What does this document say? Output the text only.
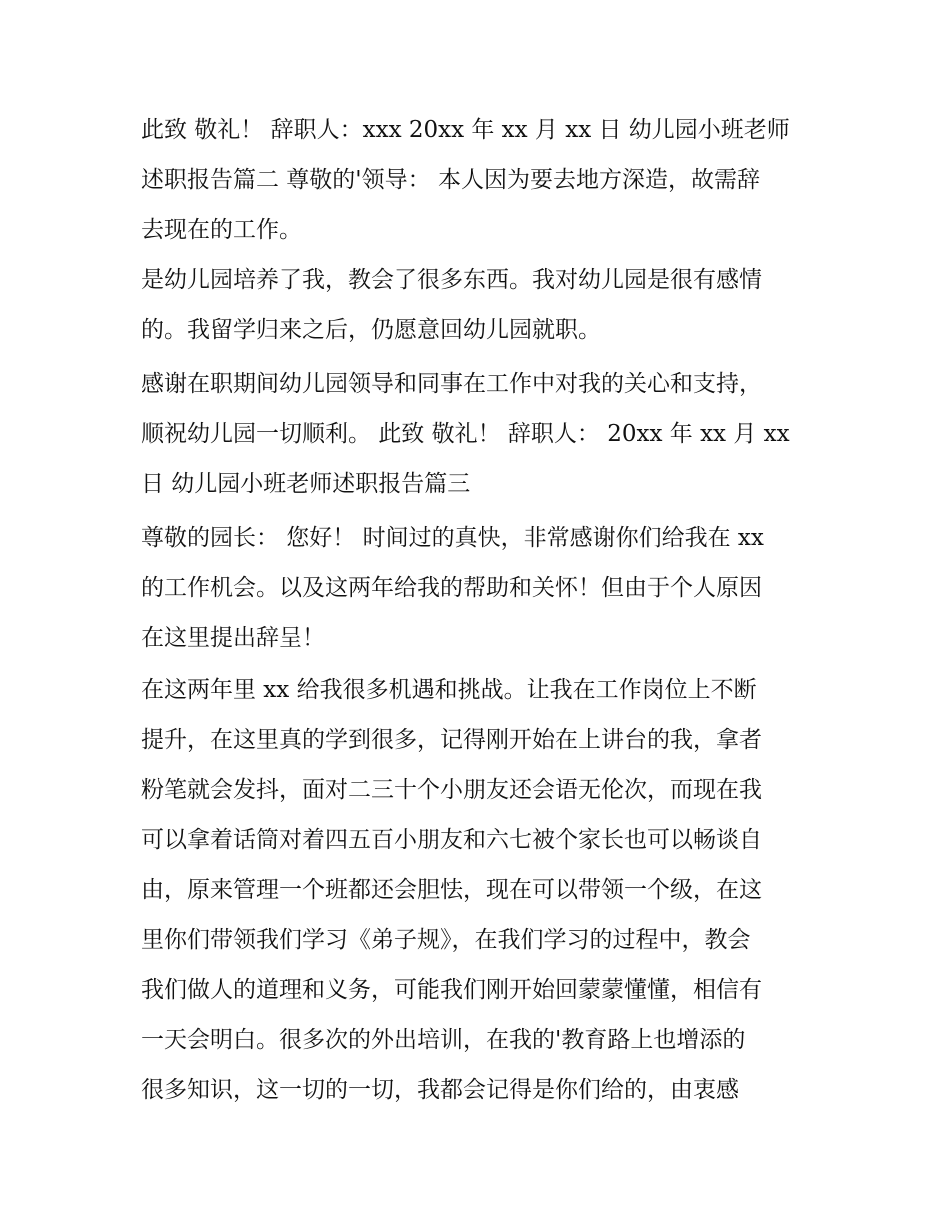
此致 敬礼！ 辞职人：xxx 20xx 年 xx 月 xx 日 幼儿园小班老师
述职报告篇二 尊敬的'领导： 本人因为要去地方深造，故需辞
去现在的工作。
是幼儿园培养了我，教会了很多东西。我对幼儿园是很有感情
的。我留学归来之后，仍愿意回幼儿园就职。
感谢在职期间幼儿园领导和同事在工作中对我的关心和支持，
顺祝幼儿园一切顺利。 此致 敬礼！ 辞职人： 20xx 年 xx 月 xx
日 幼儿园小班老师述职报告篇三
尊敬的园长： 您好！ 时间过的真快，非常感谢你们给我在 xx
的工作机会。以及这两年给我的帮助和关怀！但由于个人原因
在这里提出辞呈！
在这两年里 xx 给我很多机遇和挑战。让我在工作岗位上不断
提升，在这里真的学到很多，记得刚开始在上讲台的我，拿者
粉笔就会发抖，面对二三十个小朋友还会语无伦次，而现在我
可以拿着话筒对着四五百小朋友和六七被个家长也可以畅谈自
由，原来管理一个班都还会胆怯，现在可以带领一个级，在这
里你们带领我们学习《弟子规》，在我们学习的过程中，教会
我们做人的道理和义务，可能我们刚开始回蒙蒙懂懂，相信有
一天会明白。很多次的外出培训，在我的'教育路上也增添的
很多知识，这一切的一切，我都会记得是你们给的，由衷感
